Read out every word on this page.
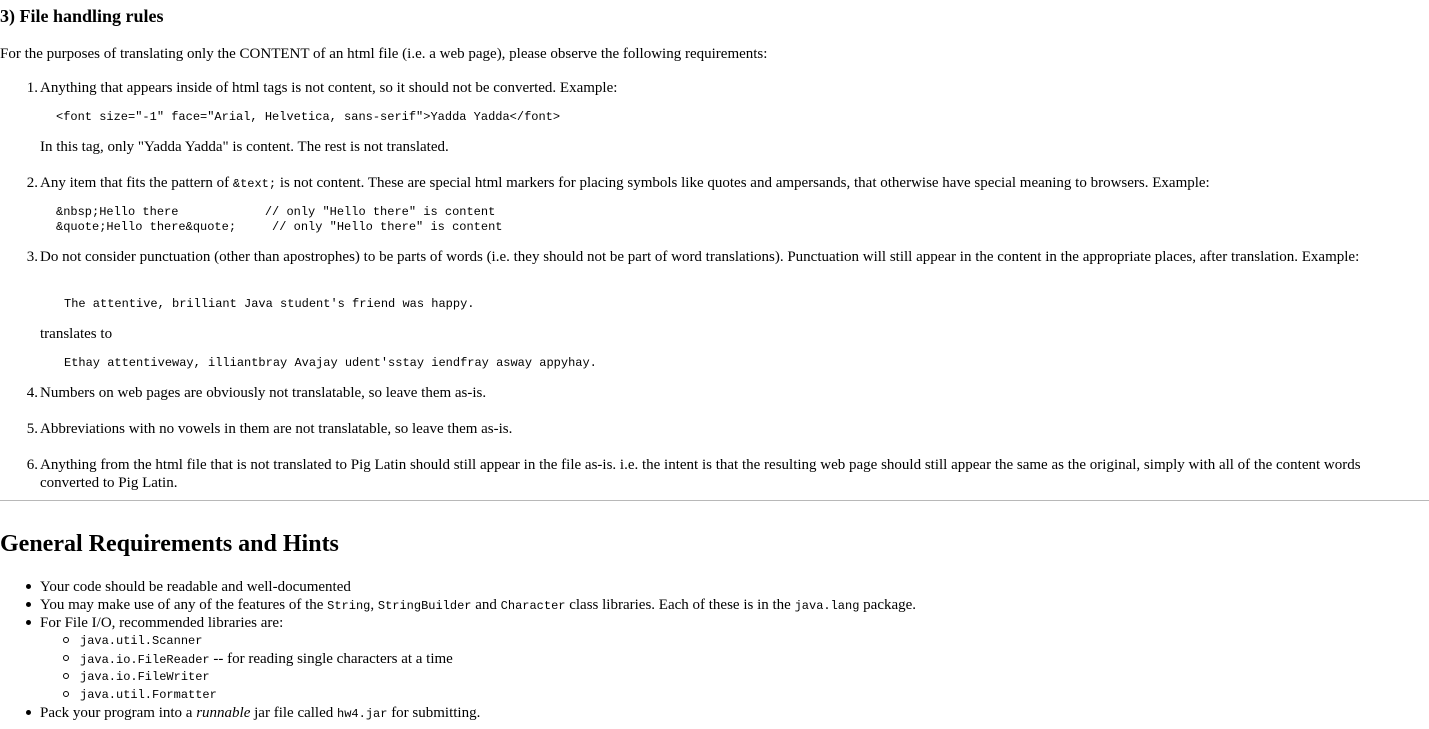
3) File handling rules

For the purposes of translating only the CONTENT of an html file (i.e. a web page), please observe the following requirements:

1. Anything that appears inside of html tags is not content, so it should not be converted. Example:
<font size="-1" face="Arial, Helvetica, sans-serif">Yadda Yadda</font>
In this tag, only "Yadda Yadda" is content. The rest is not translated.
2. Any item that fits the pattern of &text; is not content. These are special html markers for placing symbols like quotes and ampersands, that otherwise have special meaning to browsers. Example:
&nbsp;Hello there            // only "Hello there" is content
&quote;Hello there&quote;     // only "Hello there" is content
3. Do not consider punctuation (other than apostrophes) to be parts of words (i.e. they should not be part of word translations). Punctuation will still appear in the content in the appropriate places, after translation. Example:
The attentive, brilliant Java student's friend was happy.
translates to
Ethay attentiveway, illiantbray Avajay udent'sstay iendfray asway appyhay.
4. Numbers on web pages are obviously not translatable, so leave them as-is.
5. Abbreviations with no vowels in them are not translatable, so leave them as-is.
6. Anything from the html file that is not translated to Pig Latin should still appear in the file as-is. i.e. the intent is that the resulting web page should still appear the same as the original, simply with all of the content words converted to Pig Latin.
General Requirements and Hints
Your code should be readable and well-documented
You may make use of any of the features of the String, StringBuilder and Character class libraries. Each of these is in the java.lang package.
For File I/O, recommended libraries are:
java.util.Scanner
java.io.FileReader -- for reading single characters at a time
java.io.FileWriter
java.util.Formatter
Pack your program into a runnable jar file called hw4.jar for submitting.
